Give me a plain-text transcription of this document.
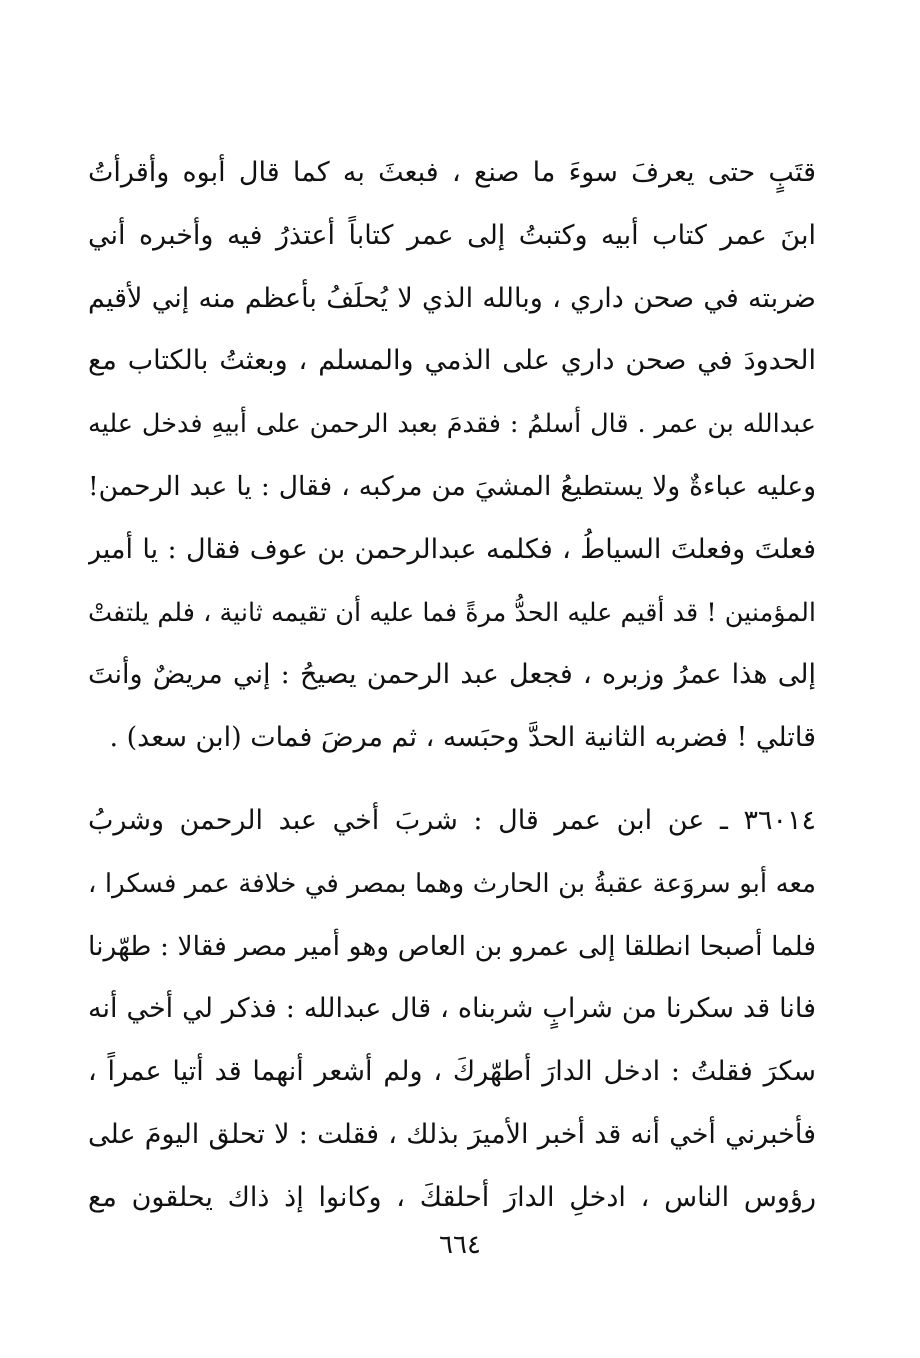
قتَبٍ حتى يعرفَ سوءَ ما صنع ، فبعثَ به كما قال أبوه وأقرأتُ
ابنَ عمر كتاب أبيه وكتبتُ إلى عمر كتاباً أعتذرُ فيه وأخبره أني
ضربته في صحن داري ، وبالله الذي لا يُحلَفُ بأعظم منه إني لأقيم
الحدودَ في صحن داري على الذمي والمسلم ، وبعثتُ بالكتاب مع
عبدالله بن عمر . قال أسلمُ : فقدمَ بعبد الرحمن على أبيهِ فدخل عليه
وعليه عباءةٌ ولا يستطيعُ المشيَ من مركبه ، فقال : يا عبد الرحمن!
فعلتَ وفعلتَ السياطُ ، فكلمه عبدالرحمن بن عوف فقال : يا أمير
المؤمنين ! قد أقيم عليه الحدُّ مرةً فما عليه أن تقيمه ثانية ، فلم يلتفتْ
إلى هذا عمرُ وزبره ، فجعل عبد الرحمن يصيحُ : إني مريضٌ وأنتَ
قاتلي ! فضربه الثانية الحدَّ وحبَسه ، ثم مرضَ فمات (ابن سعد) .
٣٦٠١٤ ـ عن ابن عمر قال : شربَ أخي عبد الرحمن وشربُ
معه أبو سروَعة عقبةُ بن الحارث وهما بمصر في خلافة عمر فسكرا ،
فلما أصبحا انطلقا إلى عمرو بن العاص وهو أمير مصر فقالا : طهّرنا
فانا قد سكرنا من شرابٍ شربناه ، قال عبدالله : فذكر لي أخي أنه
سكرَ فقلتُ : ادخل الدارَ أطهّركَ ، ولم أشعر أنهما قد أتيا عمراً ،
فأخبرني أخي أنه قد أخبر الأميرَ بذلك ، فقلت : لا تحلق اليومَ على
رؤوس الناس ، ادخلِ الدارَ أحلقكَ ، وكانوا إذ ذاك يحلقون مع
٦٦٤
